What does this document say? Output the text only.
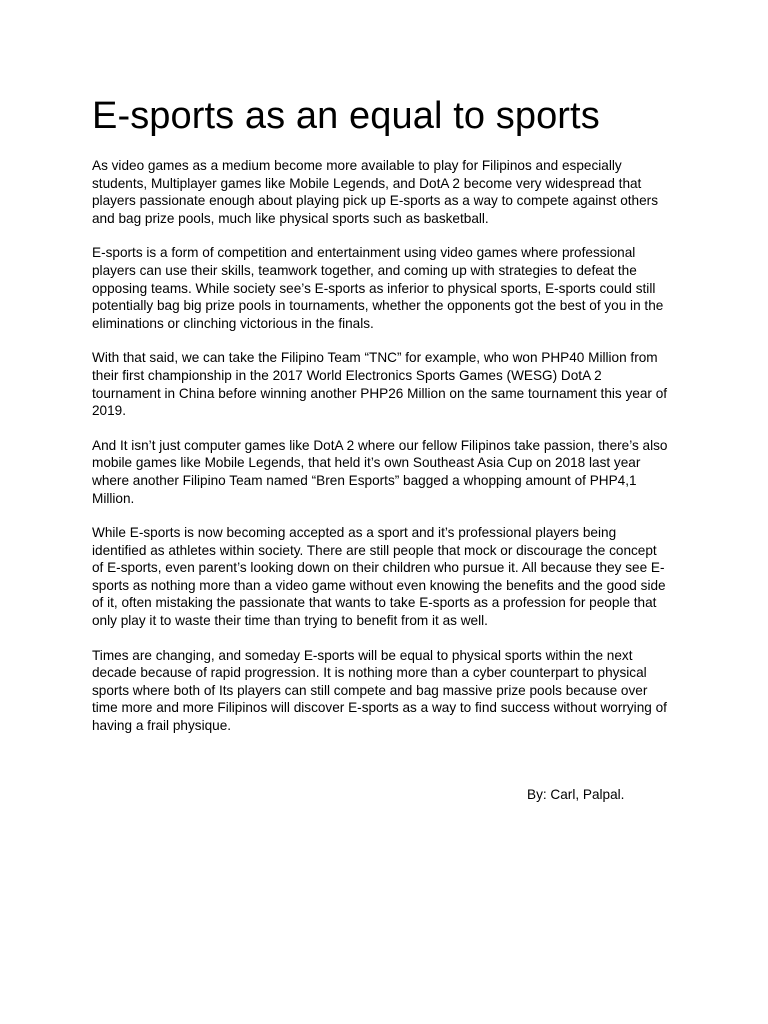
E-sports as an equal to sports

As video games as a medium become more available to play for Filipinos and especially
students, Multiplayer games like Mobile Legends, and DotA 2 become very widespread that
players passionate enough about playing pick up E-sports as a way to compete against others
and bag prize pools, much like physical sports such as basketball.

E-sports is a form of competition and entertainment using video games where professional
players can use their skills, teamwork together, and coming up with strategies to defeat the
opposing teams. While society see’s E-sports as inferior to physical sports, E-sports could still
potentially bag big prize pools in tournaments, whether the opponents got the best of you in the
eliminations or clinching victorious in the finals.

With that said, we can take the Filipino Team “TNC” for example, who won PHP40 Million from
their first championship in the 2017 World Electronics Sports Games (WESG) DotA 2
tournament in China before winning another PHP26 Million on the same tournament this year of
2019.

And It isn’t just computer games like DotA 2 where our fellow Filipinos take passion, there’s also
mobile games like Mobile Legends, that held it’s own Southeast Asia Cup on 2018 last year
where another Filipino Team named “Bren Esports” bagged a whopping amount of PHP4,1
Million.

While E-sports is now becoming accepted as a sport and it’s professional players being
identified as athletes within society. There are still people that mock or discourage the concept
of E-sports, even parent’s looking down on their children who pursue it. All because they see E-
sports as nothing more than a video game without even knowing the benefits and the good side
of it, often mistaking the passionate that wants to take E-sports as a profession for people that
only play it to waste their time than trying to benefit from it as well.

Times are changing, and someday E-sports will be equal to physical sports within the next
decade because of rapid progression. It is nothing more than a cyber counterpart to physical
sports where both of Its players can still compete and bag massive prize pools because over
time more and more Filipinos will discover E-sports as a way to find success without worrying of
having a frail physique.

By: Carl, Palpal.
